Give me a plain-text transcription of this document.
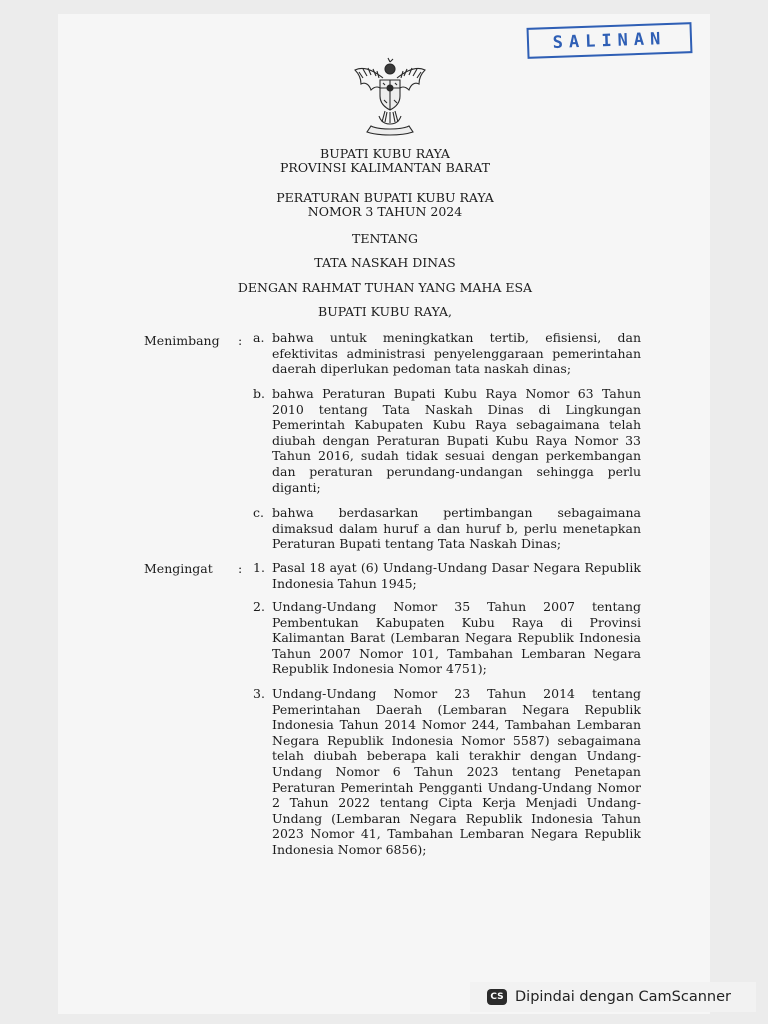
SALINAN
BUPATI KUBU RAYA
PROVINSI KALIMANTAN BARAT
PERATURAN BUPATI KUBU RAYA
NOMOR 3 TAHUN 2024
TENTANG
TATA NASKAH DINAS
DENGAN RAHMAT TUHAN YANG MAHA ESA
BUPATI KUBU RAYA,
Menimbang : a. bahwa untuk meningkatkan tertib, efisiensi, dan efektivitas administrasi penyelenggaraan pemerintahan daerah diperlukan pedoman tata naskah dinas;
b. bahwa Peraturan Bupati Kubu Raya Nomor 63 Tahun 2010 tentang Tata Naskah Dinas di Lingkungan Pemerintah Kabupaten Kubu Raya sebagaimana telah diubah dengan Peraturan Bupati Kubu Raya Nomor 33 Tahun 2016, sudah tidak sesuai dengan perkembangan dan peraturan perundang-undangan sehingga perlu diganti;
c. bahwa berdasarkan pertimbangan sebagaimana dimaksud dalam huruf a dan huruf b, perlu menetapkan Peraturan Bupati tentang Tata Naskah Dinas;
Mengingat : 1. Pasal 18 ayat (6) Undang-Undang Dasar Negara Republik Indonesia Tahun 1945;
2. Undang-Undang Nomor 35 Tahun 2007 tentang Pembentukan Kabupaten Kubu Raya di Provinsi Kalimantan Barat (Lembaran Negara Republik Indonesia Tahun 2007 Nomor 101, Tambahan Lembaran Negara Republik Indonesia Nomor 4751);
3. Undang-Undang Nomor 23 Tahun 2014 tentang Pemerintahan Daerah (Lembaran Negara Republik Indonesia Tahun 2014 Nomor 244, Tambahan Lembaran Negara Republik Indonesia Nomor 5587) sebagaimana telah diubah beberapa kali terakhir dengan Undang-Undang Nomor 6 Tahun 2023 tentang Penetapan Peraturan Pemerintah Pengganti Undang-Undang Nomor 2 Tahun 2022 tentang Cipta Kerja Menjadi Undang-Undang (Lembaran Negara Republik Indonesia Tahun 2023 Nomor 41, Tambahan Lembaran Negara Republik Indonesia Nomor 6856);
CS Dipindai dengan CamScanner
